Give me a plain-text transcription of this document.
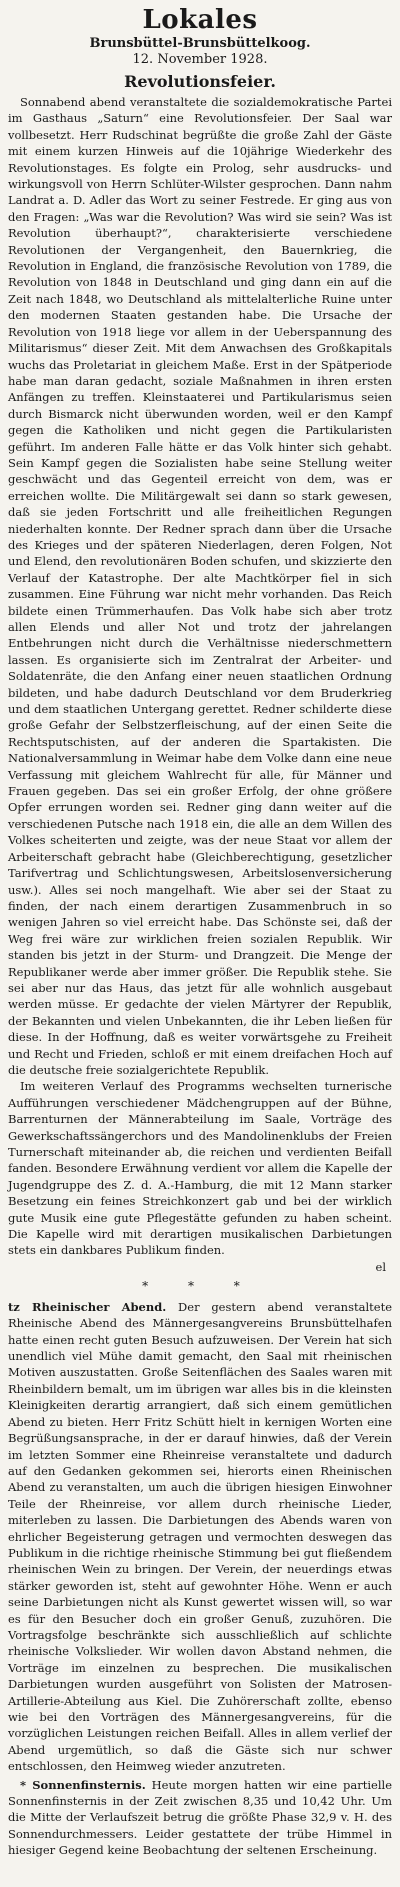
Lokales
Brunsbüttel-Brunsbüttelkoog.
12. November 1928.
Revolutionsfeier.

Sonnabend abend veranstaltete die sozialdemokratische Partei im Gasthaus „Saturn“ eine Revolutionsfeier. Der Saal war vollbesetzt. Herr Rudschinat begrüßte die große Zahl der Gäste mit einem kurzen Hinweis auf die 10jährige Wiederkehr des Revolutionstages. Es folgte ein Prolog, sehr ausdrucks- und wirkungsvoll von Herrn Schlüter-Wilster gesprochen. Dann nahm Landrat a. D. Adler das Wort zu seiner Festrede. Er ging aus von den Fragen: „Was war die Revolution? Was wird sie sein? Was ist Revolution überhaupt?“, charakterisierte verschiedene Revolutionen der Vergangenheit, den Bauernkrieg, die Revolution in England, die französische Revolution von 1789, die Revolution von 1848 in Deutschland und ging dann ein auf die Zeit nach 1848, wo Deutschland als mittelalterliche Ruine unter den modernen Staaten gestanden habe. Die Ursache der Revolution von 1918 liege vor allem in der Ueberspannung des Militarismus“ dieser Zeit. Mit dem Anwachsen des Großkapitals wuchs das Proletariat in gleichem Maße. Erst in der Spätperiode habe man daran gedacht, soziale Maßnahmen in ihren ersten Anfängen zu treffen. Kleinstaaterei und Partikularismus seien durch Bismarck nicht überwunden worden, weil er den Kampf gegen die Katholiken und nicht gegen die Partikularisten geführt. Im anderen Falle hätte er das Volk hinter sich gehabt. Sein Kampf gegen die Sozialisten habe seine Stellung weiter geschwächt und das Gegenteil erreicht von dem, was er erreichen wollte. Die Militärgewalt sei dann so stark gewesen, daß sie jeden Fortschritt und alle freiheitlichen Regungen niederhalten konnte. Der Redner sprach dann über die Ursache des Krieges und der späteren Niederlagen, deren Folgen, Not und Elend, den revolutionären Boden schufen, und skizzierte den Verlauf der Katastrophe. Der alte Machtkörper fiel in sich zusammen. Eine Führung war nicht mehr vorhanden. Das Reich bildete einen Trümmerhaufen. Das Volk habe sich aber trotz allen Elends und aller Not und trotz der jahrelangen Entbehrungen nicht durch die Verhältnisse niederschmettern lassen. Es organisierte sich im Zentralrat der Arbeiter- und Soldatenräte, die den Anfang einer neuen staatlichen Ordnung bildeten, und habe dadurch Deutschland vor dem Bruderkrieg und dem staatlichen Untergang gerettet. Redner schilderte diese große Gefahr der Selbstzerfleischung, auf der einen Seite die Rechtsputschisten, auf der anderen die Spartakisten. Die Nationalversammlung in Weimar habe dem Volke dann eine neue Verfassung mit gleichem Wahlrecht für alle, für Männer und Frauen gegeben. Das sei ein großer Erfolg, der ohne größere Opfer errungen worden sei. Redner ging dann weiter auf die verschiedenen Putsche nach 1918 ein, die alle an dem Willen des Volkes scheiterten und zeigte, was der neue Staat vor allem der Arbeiterschaft gebracht habe (Gleichberechtigung, gesetzlicher Tarifvertrag und Schlichtungswesen, Arbeitslosenversicherung usw.). Alles sei noch mangelhaft. Wie aber sei der Staat zu finden, der nach einem derartigen Zusammenbruch in so wenigen Jahren so viel erreicht habe. Das Schönste sei, daß der Weg frei wäre zur wirklichen freien sozialen Republik. Wir standen bis jetzt in der Sturm- und Drangzeit. Die Menge der Republikaner werde aber immer größer. Die Republik stehe. Sie sei aber nur das Haus, das jetzt für alle wohnlich ausgebaut werden müsse. Er gedachte der vielen Märtyrer der Republik, der Bekannten und vielen Unbekannten, die ihr Leben ließen für diese. In der Hoffnung, daß es weiter vorwärtsgehe zu Freiheit und Recht und Frieden, schloß er mit einem dreifachen Hoch auf die deutsche freie sozialgerichtete Republik.

Im weiteren Verlauf des Programms wechselten turnerische Aufführungen verschiedener Mädchengruppen auf der Bühne, Barrenturnen der Männerabteilung im Saale, Vorträge des Gewerkschaftssängerchors und des Mandolinenklubs der Freien Turnerschaft miteinander ab, die reichen und verdienten Beifall fanden. Besondere Erwähnung verdient vor allem die Kapelle der Jugendgruppe des Z. d. A.-Hamburg, die mit 12 Mann starker Besetzung ein feines Streichkonzert gab und bei der wirklich gute Musik eine gute Pflegestätte gefunden zu haben scheint. Die Kapelle wird mit derartigen musikalischen Darbietungen stets ein dankbares Publikum finden.

el
* * *

tz Rheinischer Abend. Der gestern abend veranstaltete Rheinische Abend des Männergesangvereins Brunsbüttelhafen hatte einen recht guten Besuch aufzuweisen. Der Verein hat sich unendlich viel Mühe damit gemacht, den Saal mit rheinischen Motiven auszustatten. Große Seitenflächen des Saales waren mit Rheinbildern bemalt, um im übrigen war alles bis in die kleinsten Kleinigkeiten derartig arrangiert, daß sich einem gemütlichen Abend zu bieten. Herr Fritz Schütt hielt in kernigen Worten eine Begrüßungsansprache, in der er darauf hinwies, daß der Verein im letzten Sommer eine Rheinreise veranstaltete und dadurch auf den Gedanken gekommen sei, hierorts einen Rheinischen Abend zu veranstalten, um auch die übrigen hiesigen Einwohner Teile der Rheinreise, vor allem durch rheinische Lieder, miterleben zu lassen. Die Darbietungen des Abends waren von ehrlicher Begeisterung getragen und vermochten deswegen das Publikum in die richtige rheinische Stimmung bei gut fließendem rheinischen Wein zu bringen. Der Verein, der neuerdings etwas stärker geworden ist, steht auf gewohnter Höhe. Wenn er auch seine Darbietungen nicht als Kunst gewertet wissen will, so war es für den Besucher doch ein großer Genuß, zuzuhören. Die Vortragsfolge beschränkte sich ausschließlich auf schlichte rheinische Volkslieder. Wir wollen davon Abstand nehmen, die Vorträge im einzelnen zu besprechen. Die musikalischen Darbietungen wurden ausgeführt von Solisten der Matrosen-Artillerie-Abteilung aus Kiel. Die Zuhörerschaft zollte, ebenso wie bei den Vorträgen des Männergesangvereins, für die vorzüglichen Leistungen reichen Beifall. Alles in allem verlief der Abend urgemütlich, so daß die Gäste sich nur schwer entschlossen, den Heimweg wieder anzutreten.

* Sonnenfinsternis. Heute morgen hatten wir eine partielle Sonnenfinsternis in der Zeit zwischen 8,35 und 10,42 Uhr. Um die Mitte der Verlaufszeit betrug die größte Phase 32,9 v. H. des Sonnendurchmessers. Leider gestattete der trübe Himmel in hiesiger Gegend keine Beobachtung der seltenen Erscheinung.
